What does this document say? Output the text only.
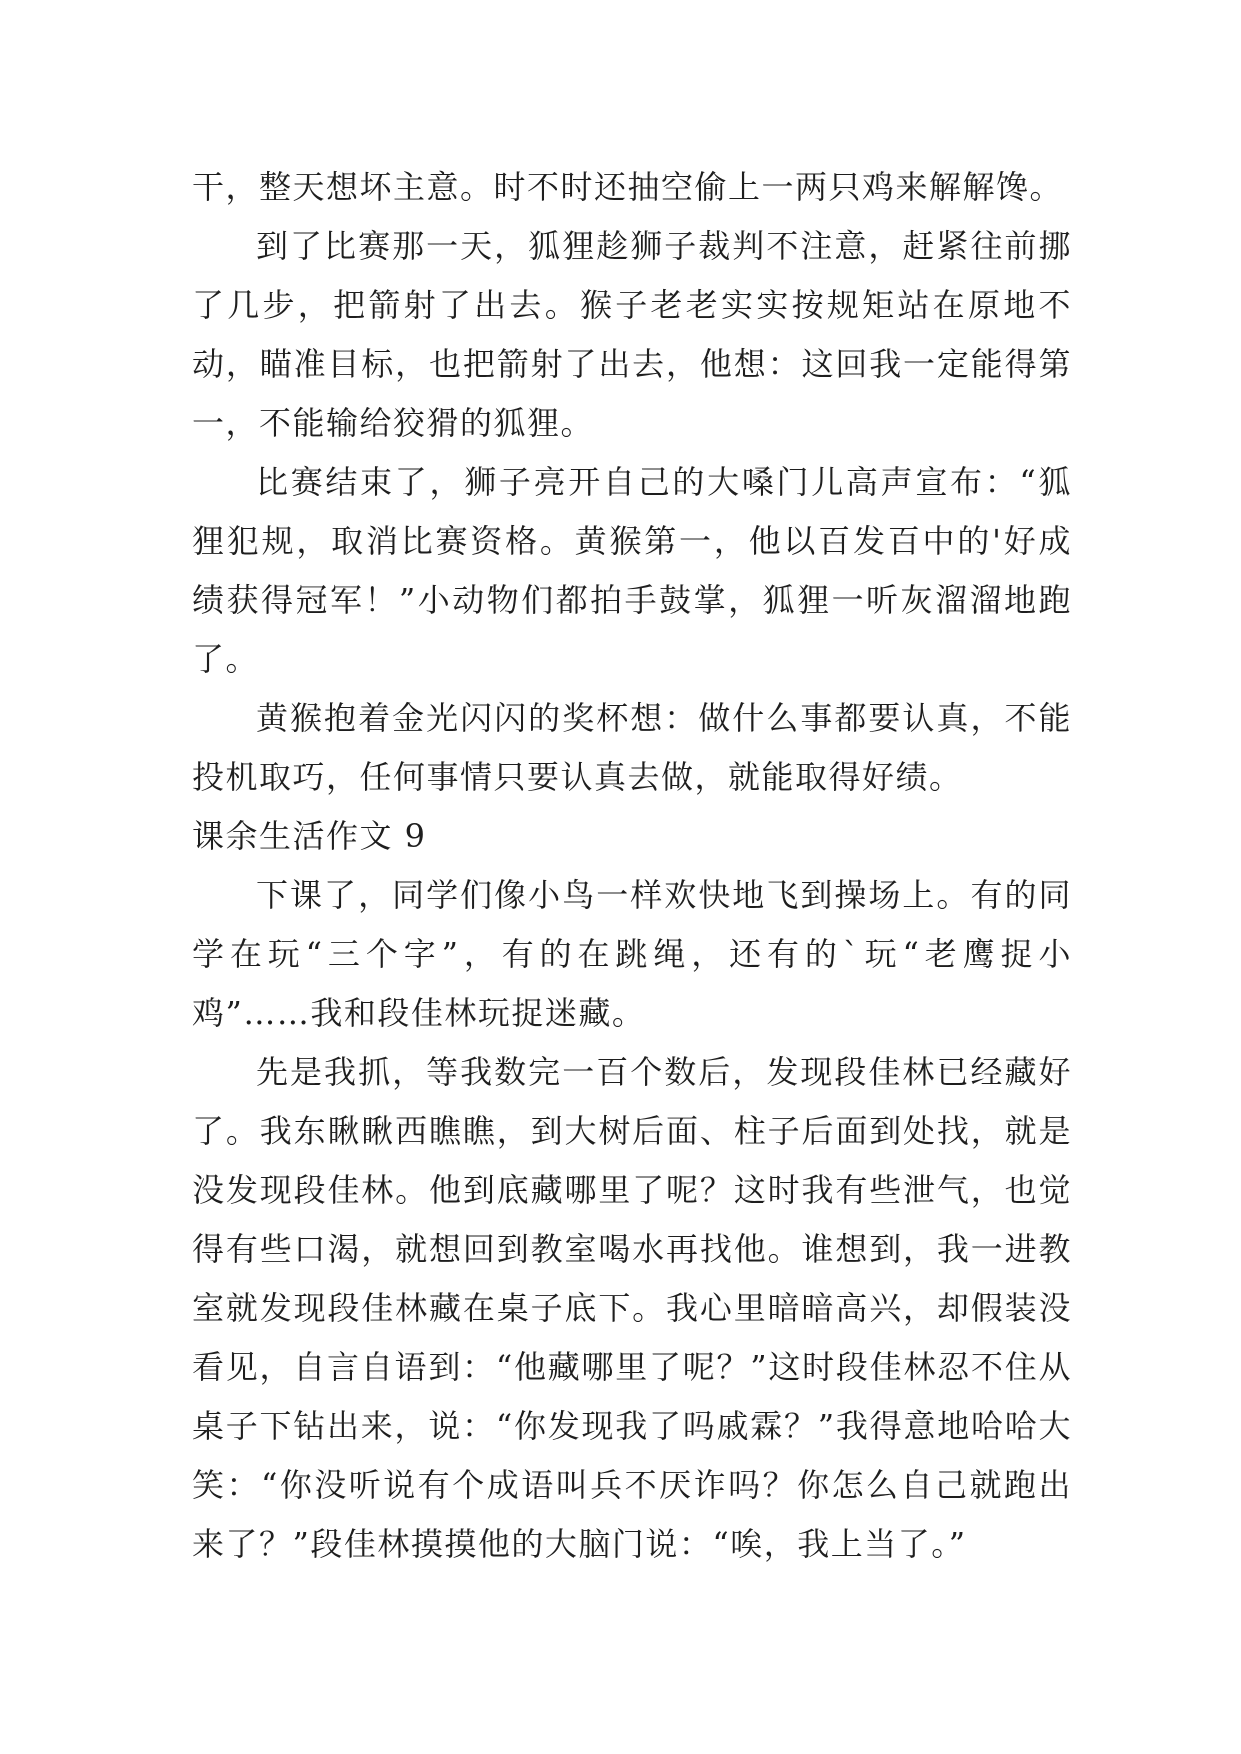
干，整天想坏主意。时不时还抽空偷上一两只鸡来解解馋。

到了比赛那一天，狐狸趁狮子裁判不注意，赶紧往前挪了几步，把箭射了出去。猴子老老实实按规矩站在原地不动，瞄准目标，也把箭射了出去，他想：这回我一定能得第一，不能输给狡猾的狐狸。

比赛结束了，狮子亮开自己的大嗓门儿高声宣布：“狐狸犯规，取消比赛资格。黄猴第一，他以百发百中的'好成绩获得冠军！”小动物们都拍手鼓掌，狐狸一听灰溜溜地跑了。

黄猴抱着金光闪闪的奖杯想：做什么事都要认真，不能投机取巧，任何事情只要认真去做，就能取得好绩。

课余生活作文 9

下课了，同学们像小鸟一样欢快地飞到操场上。有的同学在玩“三个字”，有的在跳绳，还有的`玩“老鹰捉小鸡”……我和段佳林玩捉迷藏。

先是我抓，等我数完一百个数后，发现段佳林已经藏好了。我东瞅瞅西瞧瞧，到大树后面、柱子后面到处找，就是没发现段佳林。他到底藏哪里了呢？这时我有些泄气，也觉得有些口渴，就想回到教室喝水再找他。谁想到，我一进教室就发现段佳林藏在桌子底下。我心里暗暗高兴，却假装没看见，自言自语到：“他藏哪里了呢？”这时段佳林忍不住从桌子下钻出来，说：“你发现我了吗戚霖？”我得意地哈哈大笑：“你没听说有个成语叫兵不厌诈吗？你怎么自己就跑出来了？”段佳林摸摸他的大脑门说：“唉，我上当了。”
